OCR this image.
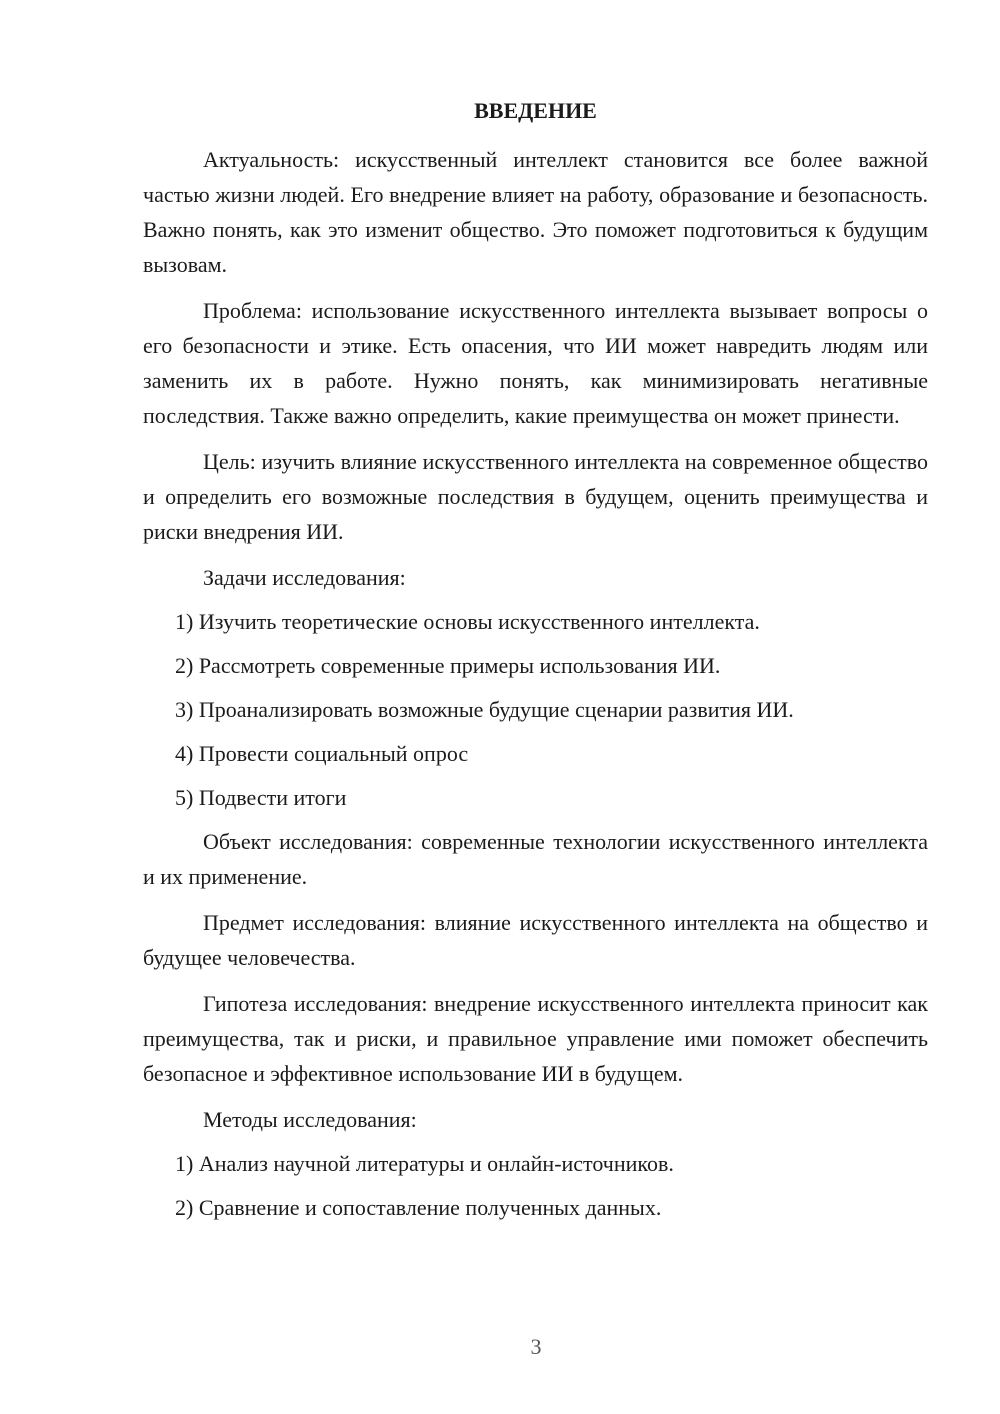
ВВЕДЕНИЕ

Актуальность: искусственный интеллект становится все более важной частью жизни людей. Его внедрение влияет на работу, образование и безопасность. Важно понять, как это изменит общество. Это поможет подготовиться к будущим вызовам.

Проблема: использование искусственного интеллекта вызывает вопросы о его безопасности и этике. Есть опасения, что ИИ может навредить людям или заменить их в работе. Нужно понять, как минимизировать негативные последствия. Также важно определить, какие преимущества он может принести.

Цель: изучить влияние искусственного интеллекта на современное общество и определить его возможные последствия в будущем, оценить преимущества и риски внедрения ИИ.

Задачи исследования:

1) Изучить теоретические основы искусственного интеллекта.

2) Рассмотреть современные примеры использования ИИ.

3) Проанализировать возможные будущие сценарии развития ИИ.

4) Провести социальный опрос

5) Подвести итоги

Объект исследования: современные технологии искусственного интеллекта и их применение.

Предмет исследования: влияние искусственного интеллекта на общество и будущее человечества.

Гипотеза исследования: внедрение искусственного интеллекта приносит как преимущества, так и риски, и правильное управление ими поможет обеспечить безопасное и эффективное использование ИИ в будущем.

Методы исследования:

1) Анализ научной литературы и онлайн-источников.

2) Сравнение и сопоставление полученных данных.

3
